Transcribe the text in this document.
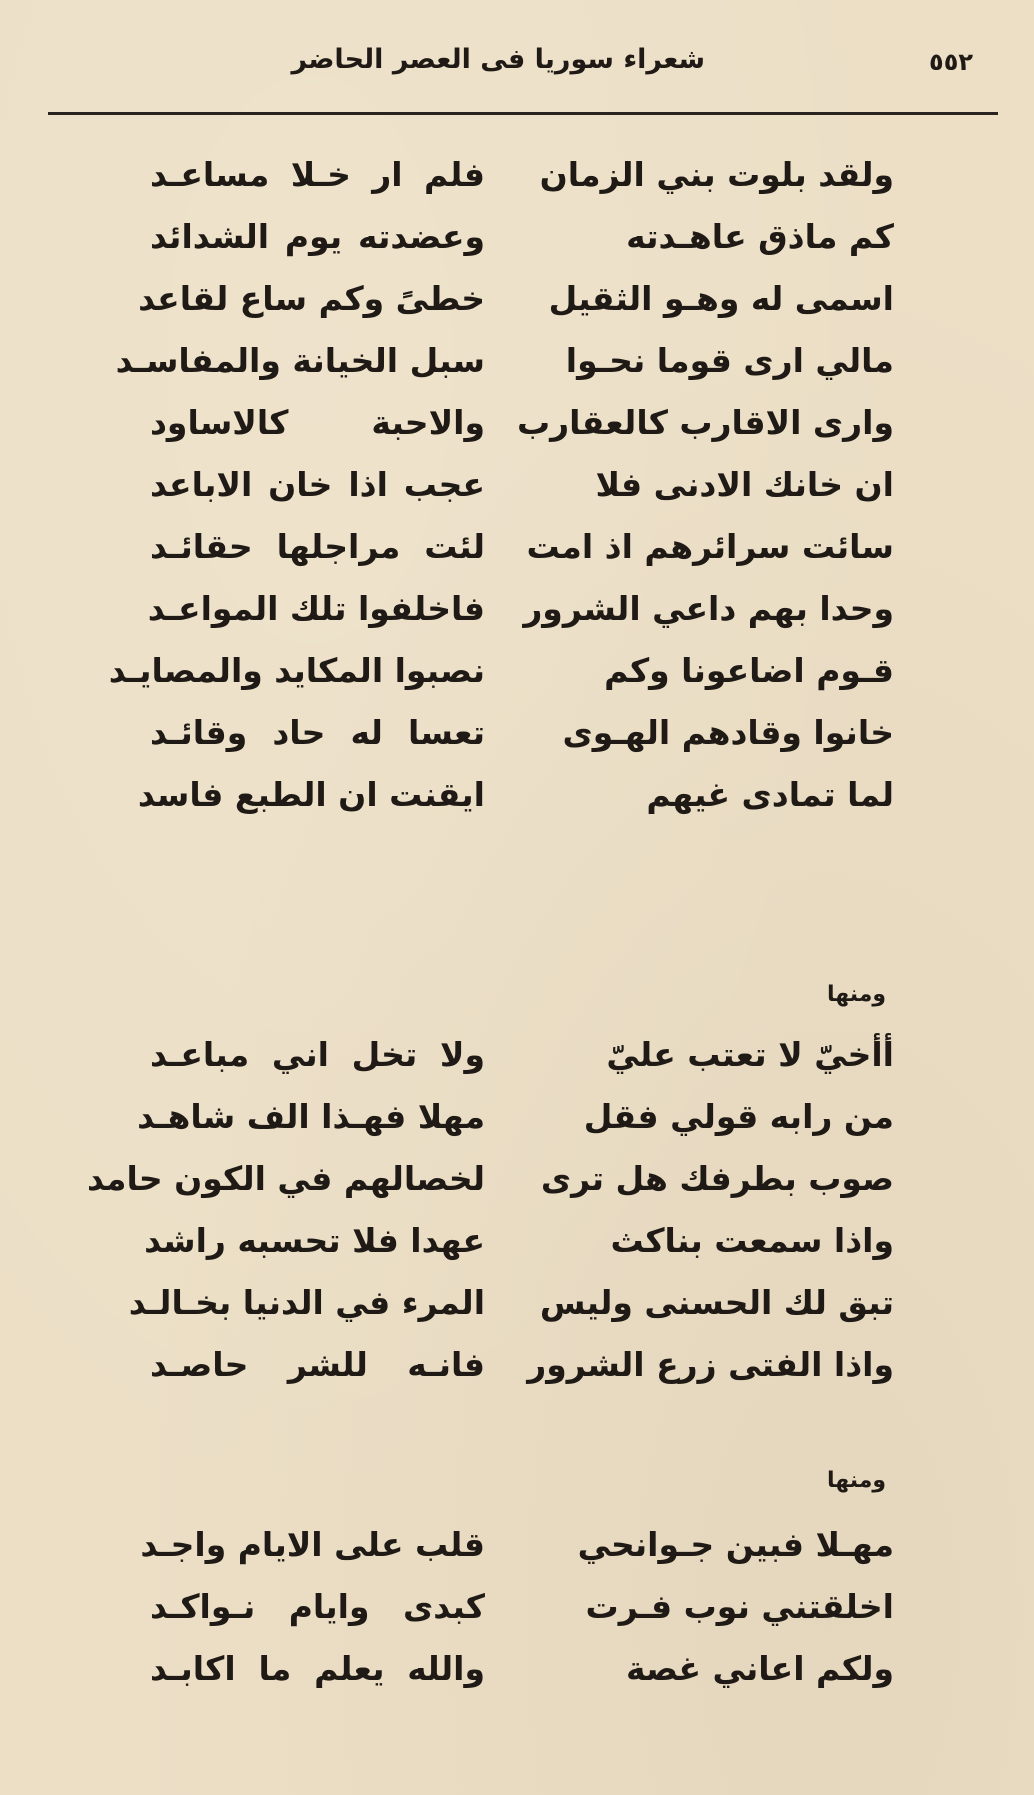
٥٥٢
شعراء سوريا فى العصر الحاضر
ولقد بلوت بني الزمان
فلم ار خـلا مساعـد
كم ماذق عاهـدته
وعضدته يوم الشدائد
اسمى له وهـو الثقيل
خطىً وكم ساع لقاعد
مالي ارى قوما نحـوا
سبل الخيانة والمفاسـد
وارى الاقارب كالعقارب
والاحبة كالاساود
ان خانك الادنى فلا
عجب اذا خان الاباعد
سائت سرائرهم اذ امت
لئت مراجلها حقائـد
وحدا بهم داعي الشرور
فاخلفوا تلك المواعـد
قـوم اضاعونا وكم
نصبوا المكايد والمصايـد
خانوا وقادهم الهـوى
تعسا له حاد وقائـد
لما تمادى غيهم
ايقنت ان الطبع فاسد
ومنها
أأخيّ لا تعتب عليّ
ولا تخل اني مباعـد
من رابه قولي فقل
مهلا فهـذا الف شاهـد
صوب بطرفك هل ترى
لخصالهم في الكون حامد
واذا سمعت بناكث
عهدا فلا تحسبه راشد
تبق لك الحسنى وليس
المرء في الدنيا بخـالـد
واذا الفتى زرع الشرور
فانـه للشر حاصـد
ومنها
مهـلا فبين جـوانحي
قلب على الايام واجـد
اخلقتني نوب فـرت
كبدى وايام نـواكـد
ولكم اعاني غصة
والله يعلم ما اكابـد
